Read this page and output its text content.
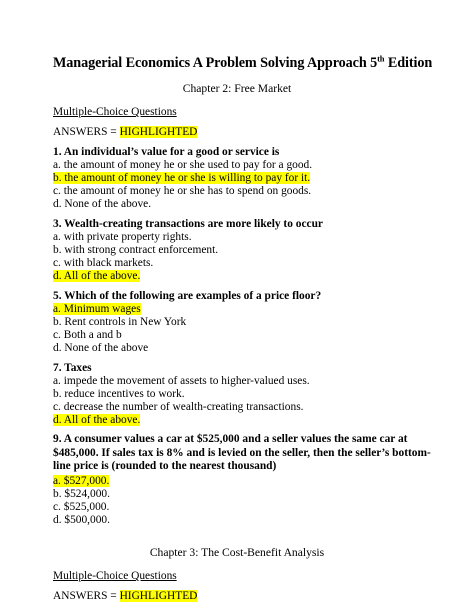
Managerial Economics A Problem Solving Approach 5th Edition
Chapter 2: Free Market
Multiple-Choice Questions
ANSWERS = HIGHLIGHTED
1. An individual’s value for a good or service is
a. the amount of money he or she used to pay for a good.
b. the amount of money he or she is willing to pay for it.
c. the amount of money he or she has to spend on goods.
d. None of the above.
3. Wealth-creating transactions are more likely to occur
a. with private property rights.
b. with strong contract enforcement.
c. with black markets.
d. All of the above.
5. Which of the following are examples of a price floor?
a. Minimum wages
b. Rent controls in New York
c. Both a and b
d. None of the above
7. Taxes
a. impede the movement of assets to higher-valued uses.
b. reduce incentives to work.
c. decrease the number of wealth-creating transactions.
d. All of the above.
9. A consumer values a car at $525,000 and a seller values the same car at $485,000. If sales tax is 8% and is levied on the seller, then the seller’s bottom-line price is (rounded to the nearest thousand)
a. $527,000.
b. $524,000.
c. $525,000.
d. $500,000.
Chapter 3: The Cost-Benefit Analysis
Multiple-Choice Questions
ANSWERS = HIGHLIGHTED
